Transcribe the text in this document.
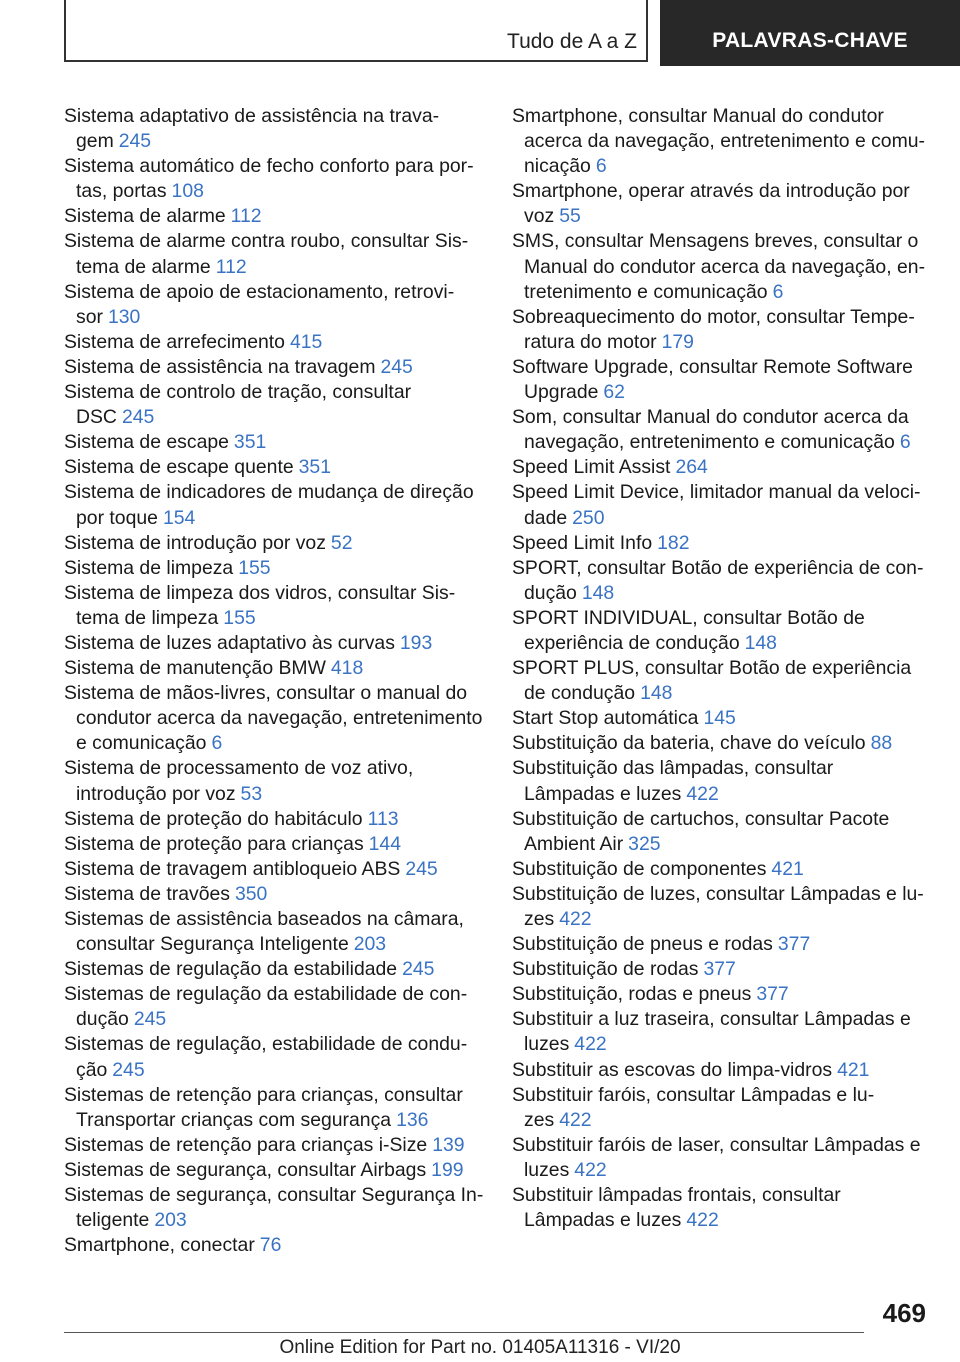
Tudo de A a Z	PALAVRAS-CHAVE
Sistema adaptativo de assistência na travagem 245
Sistema automático de fecho conforto para portas, portas 108
Sistema de alarme 112
Sistema de alarme contra roubo, consultar Sistema de alarme 112
Sistema de apoio de estacionamento, retrovisor 130
Sistema de arrefecimento 415
Sistema de assistência na travagem 245
Sistema de controlo de tração, consultar DSC 245
Sistema de escape 351
Sistema de escape quente 351
Sistema de indicadores de mudança de direção por toque 154
Sistema de introdução por voz 52
Sistema de limpeza 155
Sistema de limpeza dos vidros, consultar Sistema de limpeza 155
Sistema de luzes adaptativo às curvas 193
Sistema de manutenção BMW 418
Sistema de mãos-livres, consultar o manual do condutor acerca da navegação, entretenimento e comunicação 6
Sistema de processamento de voz ativo, introdução por voz 53
Sistema de proteção do habitáculo 113
Sistema de proteção para crianças 144
Sistema de travagem antibloqueio ABS 245
Sistema de travões 350
Sistemas de assistência baseados na câmara, consultar Segurança Inteligente 203
Sistemas de regulação da estabilidade 245
Sistemas de regulação da estabilidade de condução 245
Sistemas de regulação, estabilidade de condução 245
Sistemas de retenção para crianças, consultar Transportar crianças com segurança 136
Sistemas de retenção para crianças i-Size 139
Sistemas de segurança, consultar Airbags 199
Sistemas de segurança, consultar Segurança Inteligente 203
Smartphone, conectar 76
Smartphone, consultar Manual do condutor acerca da navegação, entretenimento e comunicação 6
Smartphone, operar através da introdução por voz 55
SMS, consultar Mensagens breves, consultar o Manual do condutor acerca da navegação, entretenimento e comunicação 6
Sobreaquecimento do motor, consultar Temperatura do motor 179
Software Upgrade, consultar Remote Software Upgrade 62
Som, consultar Manual do condutor acerca da navegação, entretenimento e comunicação 6
Speed Limit Assist 264
Speed Limit Device, limitador manual da velocidade 250
Speed Limit Info 182
SPORT, consultar Botão de experiência de condução 148
SPORT INDIVIDUAL, consultar Botão de experiência de condução 148
SPORT PLUS, consultar Botão de experiência de condução 148
Start Stop automática 145
Substituição da bateria, chave do veículo 88
Substituição das lâmpadas, consultar Lâmpadas e luzes 422
Substituição de cartuchos, consultar Pacote Ambient Air 325
Substituição de componentes 421
Substituição de luzes, consultar Lâmpadas e luzes 422
Substituição de pneus e rodas 377
Substituição de rodas 377
Substituição, rodas e pneus 377
Substituir a luz traseira, consultar Lâmpadas e luzes 422
Substituir as escovas do limpa-vidros 421
Substituir faróis, consultar Lâmpadas e luzes 422
Substituir faróis de laser, consultar Lâmpadas e luzes 422
Substituir lâmpadas frontais, consultar Lâmpadas e luzes 422
469
Online Edition for Part no. 01405A11316 - VI/20
